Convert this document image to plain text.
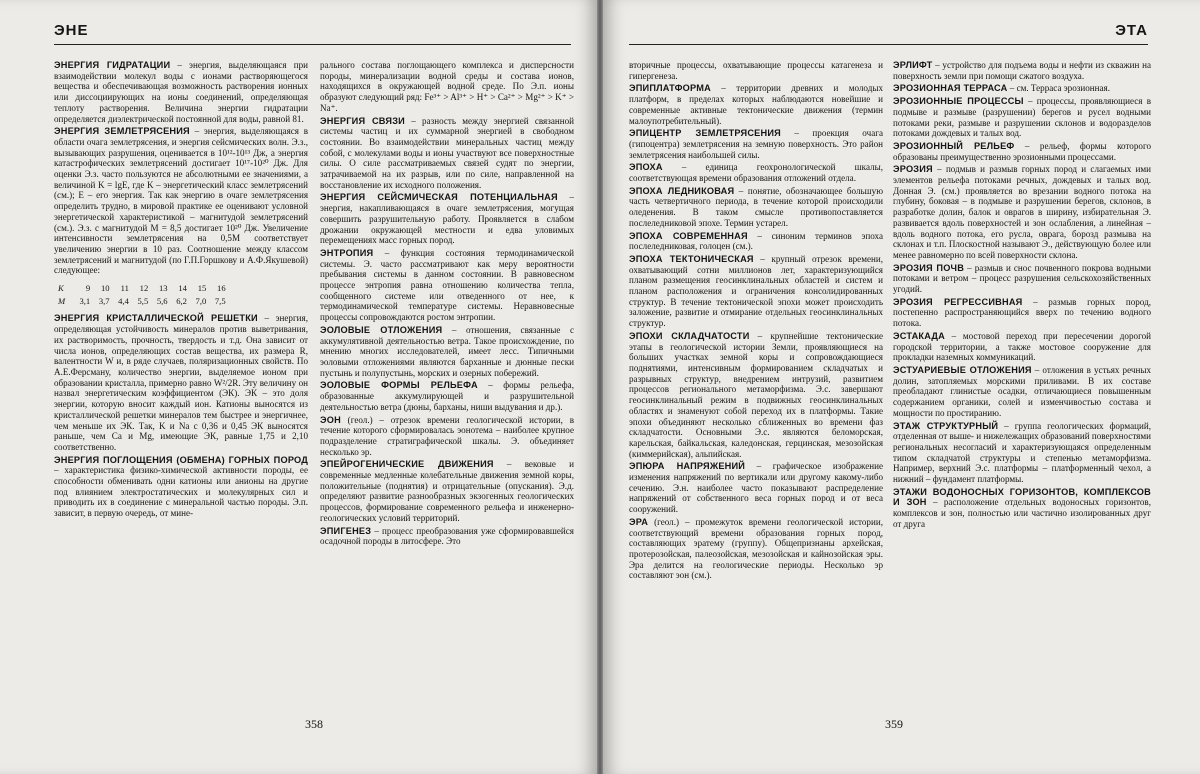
ЭНЕ

ЭНЕРГИЯ ГИДРАТАЦИИ – энергия, выделяющаяся при взаимодействии молекул воды с ионами растворяющегося вещества и обеспечивающая возможность растворения ионных или диссоциирующих на ионы соединений, определяющая теплоту растворения. Величина энергии гидратации определяется диэлектрической постоянной для воды, равной 81.

ЭНЕРГИЯ ЗЕМЛЕТРЯСЕНИЯ – энергия, выделяющаяся в области очага землетрясения, и энергия сейсмических волн. Э.з., вызывающих разрушения, оценивается в 10¹²-10¹³ Дж, а энергия катастрофических землетрясений достигает 10¹⁷-10²⁰ Дж. Для оценки Э.з. часто пользуются не абсолютными ее значениями, а величиной K = lgE, где K – энергетический класс землетрясений (см.); E – его энергия. Так как энергию в очаге землетрясения определить трудно, в мировой практике ее оценивают условной энергетической характеристикой – магнитудой землетрясений (см.). Э.з. с магнитудой M = 8,5 достигает 10²⁰ Дж. Увеличение интенсивности землетрясения на 0,5M соответствует увеличению энергии в 10 раз. Соотношение между классом землетрясений и магнитудой (по Г.П.Горшкову и А.Ф.Якушевой) следующее:

K	9	10	11	12	13	14	15	16
M	3,1	3,7	4,4	5,5	5,6	6,2	7,0	7,5

ЭНЕРГИЯ КРИСТАЛЛИЧЕСКОЙ РЕШЕТКИ – энергия, определяющая устойчивость минералов против выветривания, их растворимость, прочность, твердость и т.д. Она зависит от числа ионов, определяющих состав вещества, их размера R, валентности W и, в ряде случаев, поляризационных свойств. По А.Е.Ферсману, количество энергии, выделяемое ионом при образовании кристалла, примерно равно W²/2R. Эту величину он назвал энергетическим коэффициентом (ЭК). ЭК – это доля энергии, которую вносит каждый ион. Катионы выносятся из кристаллической решетки минералов тем быстрее и энергичнее, чем меньше их ЭК. Так, K и Na с 0,36 и 0,45 ЭК выносятся раньше, чем Ca и Mg, имеющие ЭК, равные 1,75 и 2,10 соответственно.

ЭНЕРГИЯ ПОГЛОЩЕНИЯ (ОБМЕНА) ГОРНЫХ ПОРОД – характеристика физико-химической активности породы, ее способности обменивать одни катионы или анионы на другие под влиянием электростатических и молекулярных сил и приводить их в соединение с минеральной частью породы. Э.п. зависит, в первую очередь, от мине-

рального состава поглощающего комплекса и дисперсности породы, минерализации водной среды и состава ионов, находящихся в окружающей водной среде. По Э.п. ионы образуют следующий ряд: Fe³⁺ > Al³⁺ > H⁺ > Ca²⁺ > Mg²⁺ > K⁺ > Na⁺.

ЭНЕРГИЯ СВЯЗИ – разность между энергией связанной системы частиц и их суммарной энергией в свободном состоянии. Во взаимодействии минеральных частиц между собой, с молекулами воды и ионы участвуют все поверхностные силы. О силе рассматриваемых связей судят по энергии, затрачиваемой на их разрыв, или по силе, направленной на восстановление их исходного положения.

ЭНЕРГИЯ СЕЙСМИЧЕСКАЯ ПОТЕНЦИАЛЬНАЯ – энергия, накапливающаяся в очаге землетрясения, могущая совершить разрушительную работу. Проявляется в слабом дрожании окружающей местности и едва уловимых перемещениях масс горных пород.

ЭНТРОПИЯ – функция состояния термодинамической системы. Э. часто рассматривают как меру вероятности пребывания системы в данном состоянии. В равновесном процессе энтропия равна отношению количества тепла, сообщенного системе или отведенного от нее, к термодинамической температуре системы. Неравновесные процессы сопровождаются ростом энтропии.

ЭОЛОВЫЕ ОТЛОЖЕНИЯ – отношения, связанные с аккумулятивной деятельностью ветра. Такое происхождение, по мнению многих исследователей, имеет лесс. Типичными эоловыми отложениями являются барханные и дюнные пески пустынь и полупустынь, морских и озерных побережий.

ЭОЛОВЫЕ ФОРМЫ РЕЛЬЕФА – формы рельефа, образованные аккумулирующей и разрушительной деятельностью ветра (дюны, барханы, ниши выдувания и др.).

ЭОН (геол.) – отрезок времени геологической истории, в течение которого сформировалась эонотема – наиболее крупное подразделение стратиграфической шкалы. Э. объединяет несколько эр.

ЭПЕЙРОГЕНИЧЕСКИЕ ДВИЖЕНИЯ – вековые и современные медленные колебательные движения земной коры, положительные (поднятия) и отрицательные (опускания). Э.д. определяют развитие разнообразных экзогенных геологических процессов, формирование современного рельефа и инженерно-геологических условий территорий.

ЭПИГЕНЕЗ – процесс преобразования уже сформировавшейся осадочной породы в литосфере. Это

358
ЭТА

вторичные процессы, охватывающие процессы катагенеза и гипергенеза.

ЭПИПЛАТФОРМА – территории древних и молодых платформ, в пределах которых наблюдаются новейшие и современные активные тектонические движения (термин малоупотребительный).

ЭПИЦЕНТР ЗЕМЛЕТРЯСЕНИЯ – проекция очага (гипоцентра) землетрясения на земную поверхность. Это район землетрясения наибольшей силы.

ЭПОХА – единица геохронологической шкалы, соответствующая времени образования отложений отдела.

ЭПОХА ЛЕДНИКОВАЯ – понятие, обозначающее большую часть четвертичного периода, в течение которой происходили оледенения. В таком смысле противопоставляется послеледниковой эпохе. Термин устарел.

ЭПОХА СОВРЕМЕННАЯ – синоним терминов эпоха послеледниковая, голоцен (см.).

ЭПОХА ТЕКТОНИЧЕСКАЯ – крупный отрезок времени, охватывающий сотни миллионов лет, характеризующийся планом размещения геосинклинальных областей и систем и планом расположения и ограничения консолидированных структур. В течение тектонической эпохи может происходить заложение, развитие и отмирание отдельных геосинклинальных структур.

ЭПОХИ СКЛАДЧАТОСТИ – крупнейшие тектонические этапы в геологической истории Земли, проявляющиеся на больших участках земной коры и сопровождающиеся поднятиями, интенсивным формированием складчатых и разрывных структур, внедрением интрузий, развитием процессов регионального метаморфизма. Э.с. завершают геосинклинальный режим в подвижных геосинклинальных областях и знаменуют собой переход их в платформы. Такие эпохи объединяют несколько сближенных во времени фаз складчатости. Основными Э.с. являются беломорская, карельская, байкальская, каледонская, герцинская, мезозойская (киммерийская), альпийская.

ЭПЮРА НАПРЯЖЕНИЙ – графическое изображение изменения напряжений по вертикали или другому какому-либо сечению. Э.н. наиболее часто показывают распределение напряжений от собственного веса горных пород и от веса сооружений.

ЭРА (геол.) – промежуток времени геологической истории, соответствующий времени образования горных пород, составляющих эратему (группу). Общепризнаны архейская, протерозойская, палеозойская, мезозойская и кайнозойская эры. Эра делится на геологические периоды. Несколько эр составляют эон (см.).

ЭРЛИФТ – устройство для подъема воды и нефти из скважин на поверхность земли при помощи сжатого воздуха.

ЭРОЗИОННАЯ ТЕРРАСА – см. Терраса эрозионная.

ЭРОЗИОННЫЕ ПРОЦЕССЫ – процессы, проявляющиеся в подмыве и размыве (разрушении) берегов и русел водными потоками реки, размыве и разрушении склонов и водоразделов потоками дождевых и талых вод.

ЭРОЗИОННЫЙ РЕЛЬЕФ – рельеф, формы которого образованы преимущественно эрозионными процессами.

ЭРОЗИЯ – подмыв и размыв горных пород и слагаемых ими элементов рельефа потоками речных, дождевых и талых вод. Донная Э. (см.) проявляется во врезании водного потока на глубину, боковая – в подмыве и разрушении берегов, склонов, в разработке долин, балок и оврагов в ширину, избирательная Э. развивается вдоль поверхностей и зон ослабления, а линейная – вдоль водного потока, его русла, оврага, борозд размыва на склонах и т.п. Плоскостной называют Э., действующую более или менее равномерно по всей поверхности склона.

ЭРОЗИЯ ПОЧВ – размыв и снос почвенного покрова водными потоками и ветром – процесс разрушения сельскохозяйственных угодий.

ЭРОЗИЯ РЕГРЕССИВНАЯ – размыв горных пород, постепенно распространяющийся вверх по течению водного потока.

ЭСТАКАДА – мостовой переход при пересечении дорогой городской территории, а также мостовое сооружение для прокладки наземных коммуникаций.

ЭСТУАРИЕВЫЕ ОТЛОЖЕНИЯ – отложения в устьях речных долин, затопляемых морскими приливами. В их составе преобладают глинистые осадки, отличающиеся повышенным содержанием органики, солей и изменчивостью состава и мощности по простиранию.

ЭТАЖ СТРУКТУРНЫЙ – группа геологических формаций, отделенная от выше- и нижележащих образований поверхностями региональных несогласий и характеризующаяся определенным типом складчатой структуры и степенью метаморфизма. Например, верхний Э.с. платформы – платформенный чехол, а нижний – фундамент платформы.

ЭТАЖИ ВОДОНОСНЫХ ГОРИЗОНТОВ, КОМПЛЕКСОВ И ЗОН – расположение отдельных водоносных горизонтов, комплексов и зон, полностью или частично изолированных друг от друга

359
